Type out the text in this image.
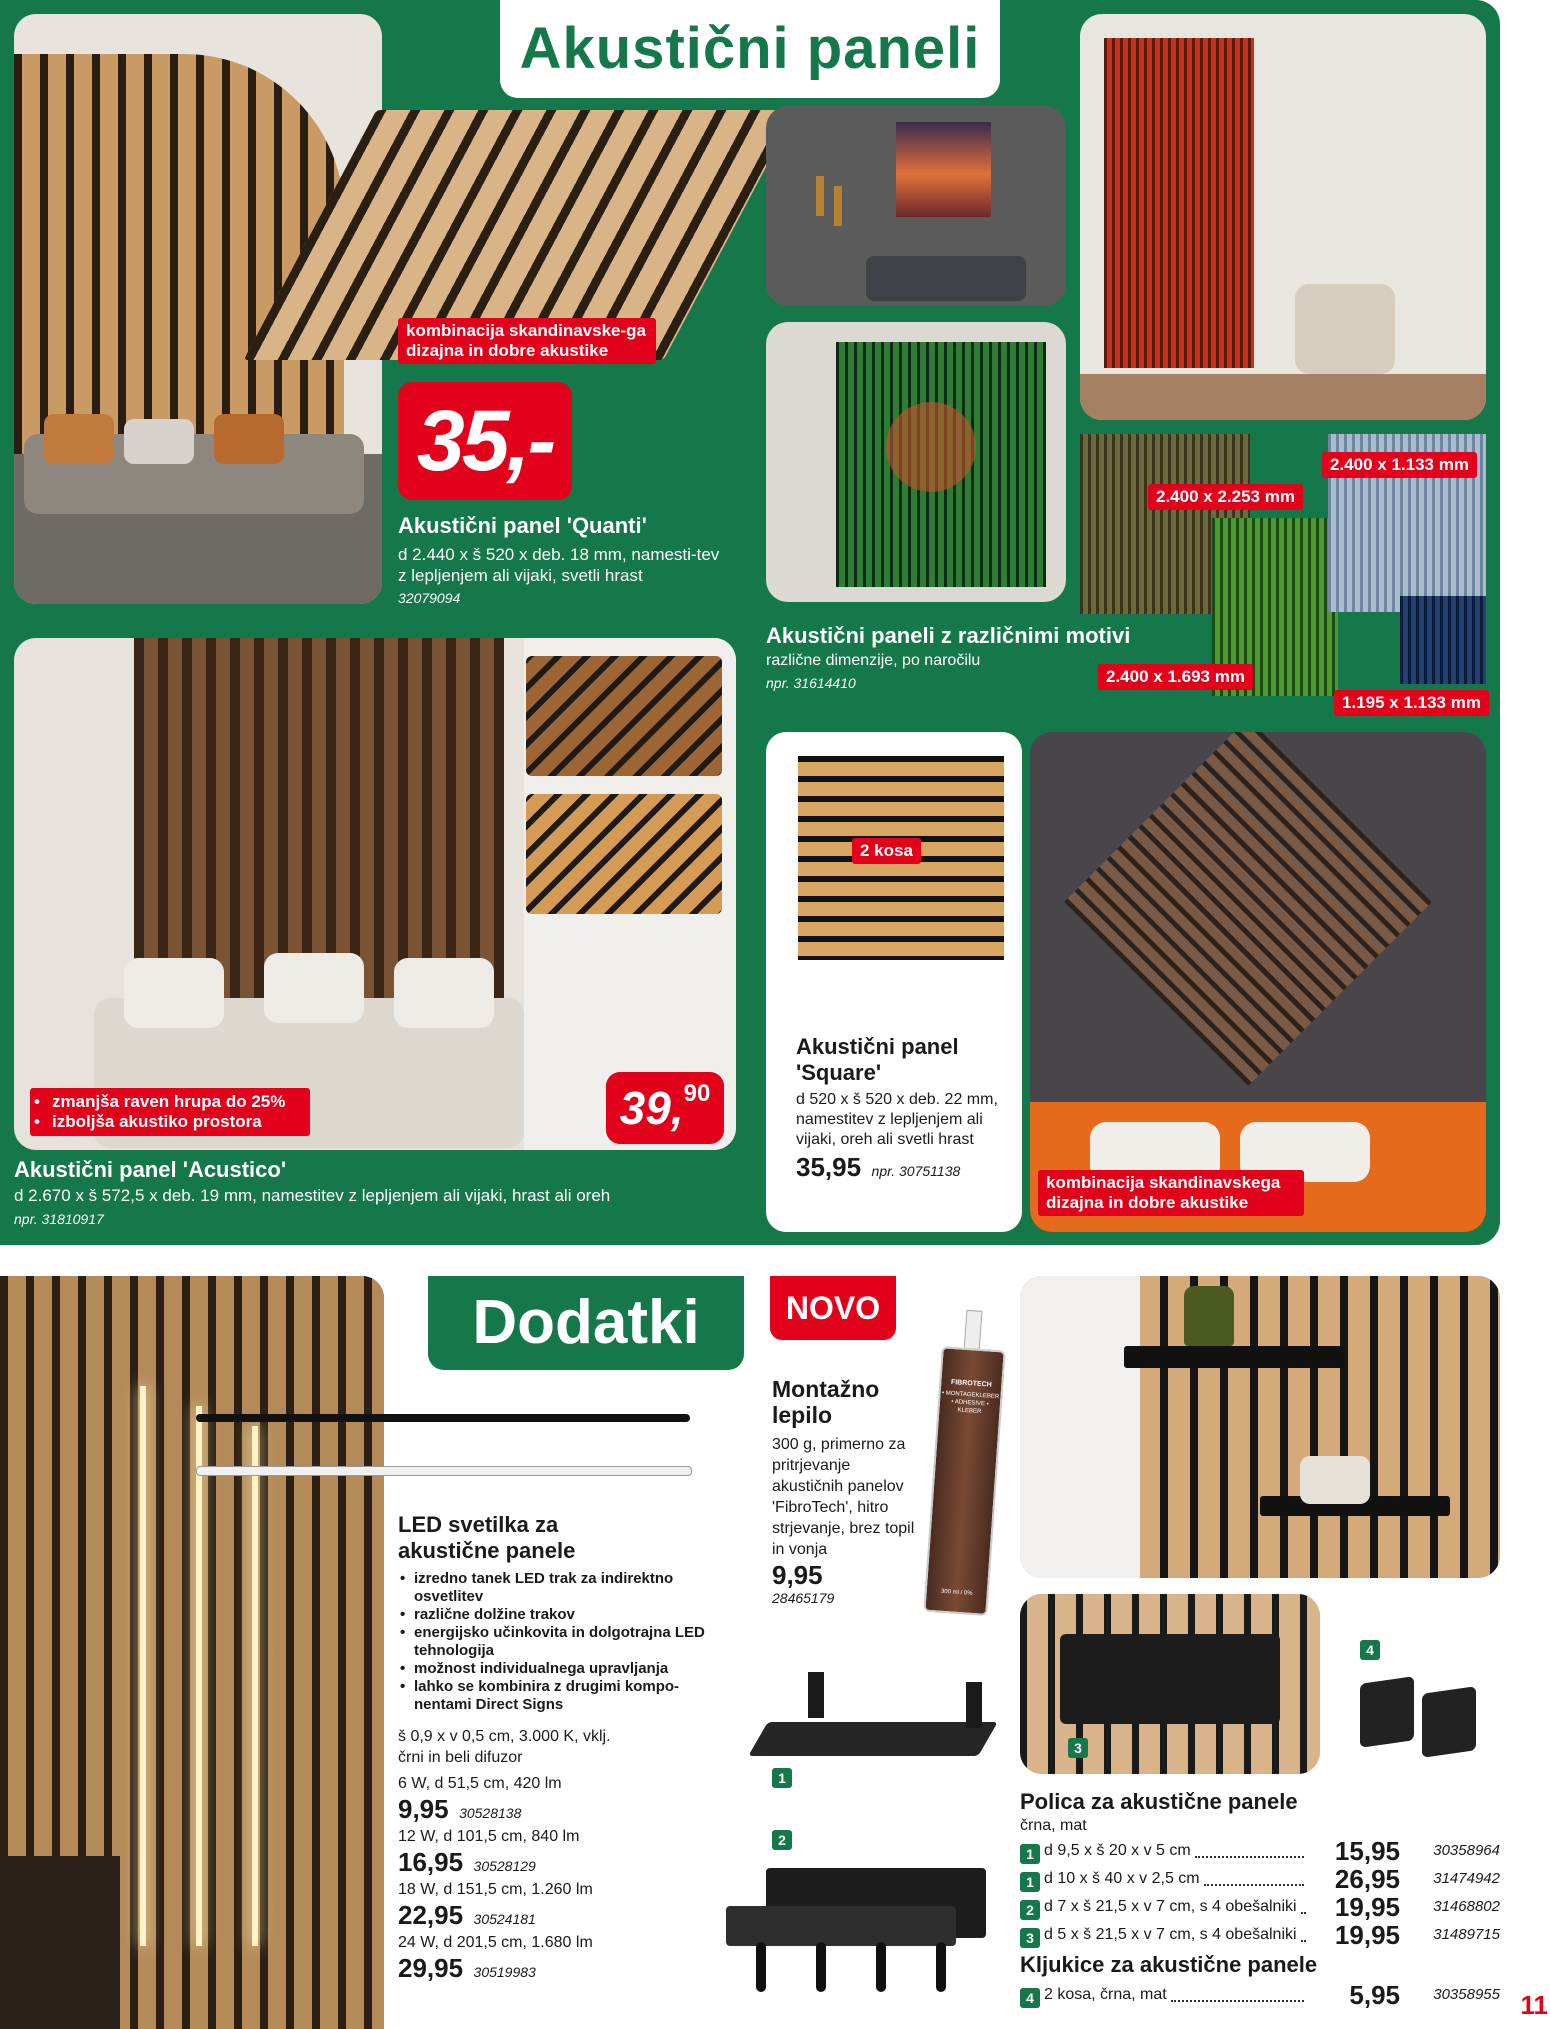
Akustični paneli
kombinacija skandinavske-ga dizajna in dobre akustike
35,-
Akustični panel 'Quanti'
d 2.440 x š 520 x deb. 18 mm, namesti-tev z lepljenjem ali vijaki, svetli hrast
32079094
2.400 x 1.133 mm
2.400 x 2.253 mm
2.400 x 1.693 mm
1.195 x 1.133 mm
Akustični paneli z različnimi motivi
različne dimenzije, po naročilu
npr. 31614410
zmanjša raven hrupa do 25%
izboljša akustiko prostora
•
•	39,90
Akustični panel 'Acustico'
d 2.670 x š 572,5 x deb. 19 mm, namestitev z lepljenjem ali vijaki, hrast ali oreh
npr. 31810917
2 kosa
Akustični panel 'Square'
d 520 x š 520 x deb. 22 mm, namestitev z lepljenjem ali vijaki, oreh ali svetli hrast
35,95 npr. 30751138
kombinacija skandinavskega dizajna in dobre akustike
Dodatki
LED svetilka za akustične panele
• izredno tanek LED trak za indirektno osvetlitev
• različne dolžine trakov
• energijsko učinkovita in dolgotrajna LED tehnologija
• možnost individualnega upravljanja
• lahko se kombinira z drugimi kompo-nentami Direct Signs
š 0,9 x v 0,5 cm, 3.000 K, vklj. črni in beli difuzor
6 W, d 51,5 cm, 420 lm
9,95 30528138
12 W, d 101,5 cm, 840 lm
16,95 30528129
18 W, d 151,5 cm, 1.260 lm
22,95 30524181
24 W, d 201,5 cm, 1.680 lm
29,95 30519983
NOVO
Montažno lepilo
300 g, primerno za pritrjevanje akustičnih panelov 'FibroTech', hitro strjevanje, brez topil in vonja
9,95
28465179
FIBROTECH
• MONTAGEKLEBER • ADHESIVE • KLEBER
300 ml / 0%
1
2
3
4
Polica za akustične panele
črna, mat
1 d 9,5 x š 20 x v 5 cm	15,95	30358964
1 d 10 x š 40 x v 2,5 cm	26,95	31474942
2 d 7 x š 21,5 x v 7 cm, s 4 obešalniki	19,95	31468802
3 d 5 x š 21,5 x v 7 cm, s 4 obešalniki	19,95	31489715
Kljukice za akustične panele
4 2 kosa, črna, mat	5,95	30358955 11
